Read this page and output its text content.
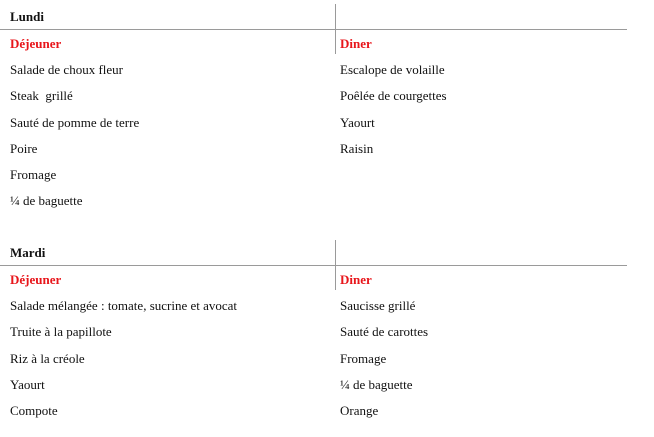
Lundi
Déjeuner	Diner
Salade de choux fleur
Steak  grillé
Sauté de pomme de terre
Poire
Fromage
¼ de baguette
Escalope de volaille
Poêlée de courgettes
Yaourt
Raisin
Mardi
Déjeuner	Diner
Salade mélangée : tomate, sucrine et avocat
Truite à la papillote
Riz à la créole
Yaourt
Compote
Saucisse grillé
Sauté de carottes
Fromage
¼ de baguette
Orange
